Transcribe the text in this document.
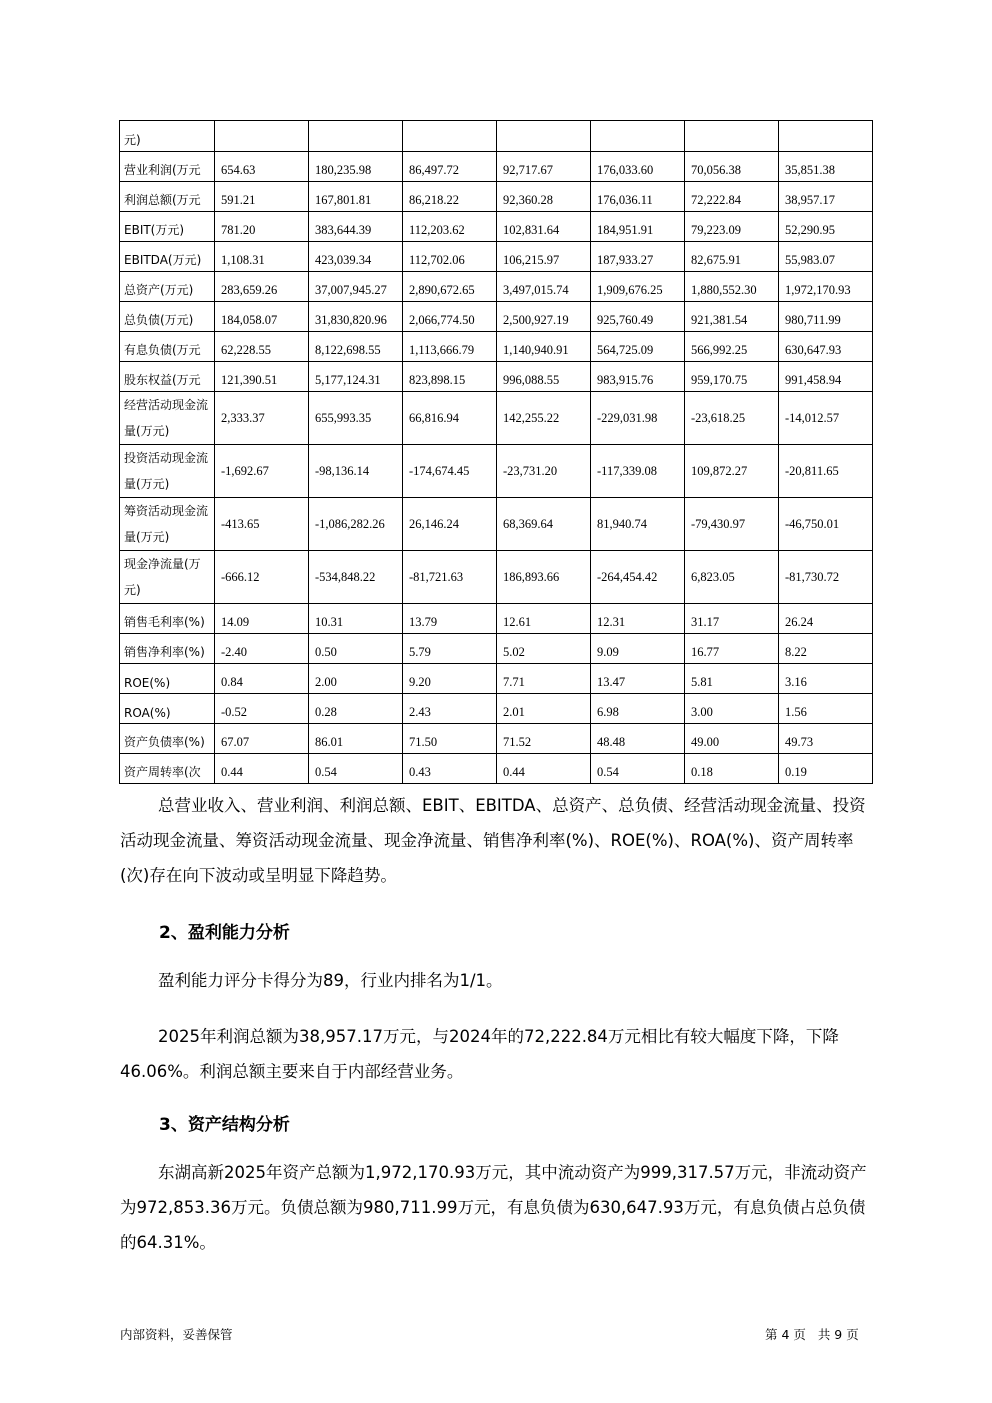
元)							
营业利润(万元	654.63	180,235.98	86,497.72	92,717.67	176,033.60	70,056.38	35,851.38
利润总额(万元	591.21	167,801.81	86,218.22	92,360.28	176,036.11	72,222.84	38,957.17
EBIT(万元)	781.20	383,644.39	112,203.62	102,831.64	184,951.91	79,223.09	52,290.95
EBITDA(万元)	1,108.31	423,039.34	112,702.06	106,215.97	187,933.27	82,675.91	55,983.07
总资产(万元)	283,659.26	37,007,945.27	2,890,672.65	3,497,015.74	1,909,676.25	1,880,552.30	1,972,170.93
总负债(万元)	184,058.07	31,830,820.96	2,066,774.50	2,500,927.19	925,760.49	921,381.54	980,711.99
有息负债(万元	62,228.55	8,122,698.55	1,113,666.79	1,140,940.91	564,725.09	566,992.25	630,647.93
股东权益(万元	121,390.51	5,177,124.31	823,898.15	996,088.55	983,915.76	959,170.75	991,458.94
经营活动现金流量(万元)	2,333.37	655,993.35	66,816.94	142,255.22	-229,031.98	-23,618.25	-14,012.57
投资活动现金流量(万元)	-1,692.67	-98,136.14	-174,674.45	-23,731.20	-117,339.08	109,872.27	-20,811.65
筹资活动现金流量(万元)	-413.65	-1,086,282.26	26,146.24	68,369.64	81,940.74	-79,430.97	-46,750.01
现金净流量(万元)	-666.12	-534,848.22	-81,721.63	186,893.66	-264,454.42	6,823.05	-81,730.72
销售毛利率(%)	14.09	10.31	13.79	12.61	12.31	31.17	26.24
销售净利率(%)	-2.40	0.50	5.79	5.02	9.09	16.77	8.22
ROE(%)	0.84	2.00	9.20	7.71	13.47	5.81	3.16
ROA(%)	-0.52	0.28	2.43	2.01	6.98	3.00	1.56
资产负债率(%)	67.07	86.01	71.50	71.52	48.48	49.00	49.73
资产周转率(次	0.44	0.54	0.43	0.44	0.54	0.18	0.19
总营业收入、营业利润、利润总额、EBIT、EBITDA、总资产、总负债、经营活动现金流量、投资活动现金流量、筹资活动现金流量、现金净流量、销售净利率(%)、ROE(%)、ROA(%)、资产周转率(次)存在向下波动或呈明显下降趋势。
2、盈利能力分析
盈利能力评分卡得分为89，行业内排名为1/1。
2025年利润总额为38,957.17万元，与2024年的72,222.84万元相比有较大幅度下降，下降46.06%。利润总额主要来自于内部经营业务。
3、资产结构分析
东湖高新2025年资产总额为1,972,170.93万元，其中流动资产为999,317.57万元，非流动资产为972,853.36万元。负债总额为980,711.99万元，有息负债为630,647.93万元，有息负债占总负债的64.31%。
内部资料，妥善保管	第 4 页   共 9 页
